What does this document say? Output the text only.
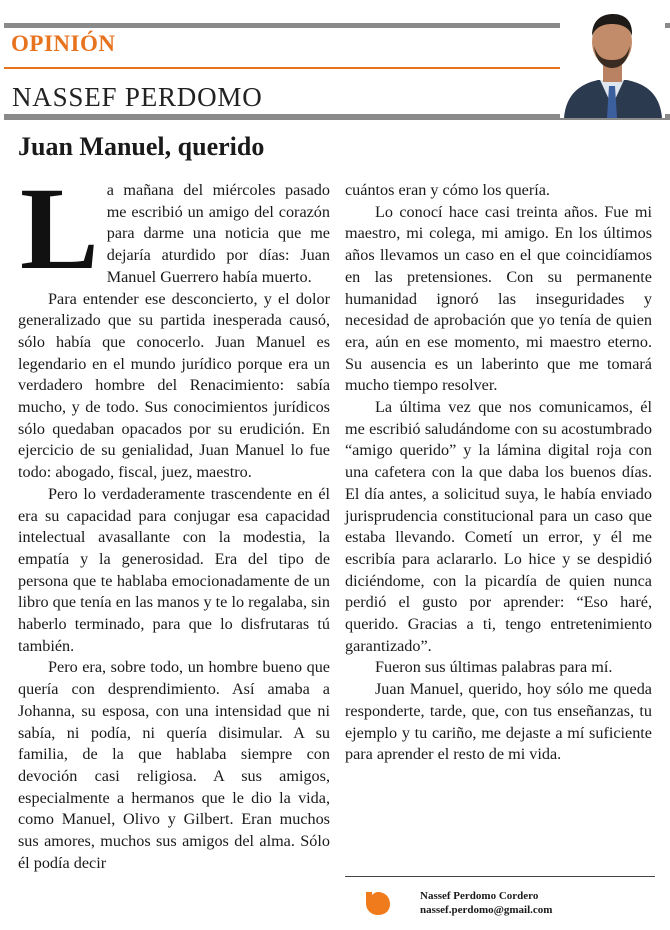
OPINIÓN
NASSEF PERDOMO
Juan Manuel, querido

La mañana del miércoles pasado me escribió un amigo del corazón para darme una noticia que me dejaría aturdido por días: Juan Manuel Guerrero había muerto.

Para entender ese desconcierto, y el dolor generalizado que su partida inesperada causó, sólo había que conocerlo. Juan Manuel es legendario en el mundo jurídico porque era un verdadero hombre del Renacimiento: sabía mucho, y de todo. Sus conocimientos jurídicos sólo quedaban opacados por su erudición. En ejercicio de su genialidad, Juan Manuel lo fue todo: abogado, fiscal, juez, maestro.

Pero lo verdaderamente trascendente en él era su capacidad para conjugar esa capacidad intelectual avasallante con la modestia, la empatía y la generosidad. Era del tipo de persona que te hablaba emocionadamente de un libro que tenía en las manos y te lo regalaba, sin haberlo terminado, para que lo disfrutaras tú también.

Pero era, sobre todo, un hombre bueno que quería con desprendimiento. Así amaba a Johanna, su esposa, con una intensidad que ni sabía, ni podía, ni quería disimular. A su familia, de la que hablaba siempre con devoción casi religiosa. A sus amigos, especialmente a hermanos que le dio la vida, como Manuel, Olivo y Gilbert. Eran muchos sus amores, muchos sus amigos del alma. Sólo él podía decir

cuántos eran y cómo los quería.

Lo conocí hace casi treinta años. Fue mi maestro, mi colega, mi amigo. En los últimos años llevamos un caso en el que coincidíamos en las pretensiones. Con su permanente humanidad ignoró las inseguridades y necesidad de aprobación que yo tenía de quien era, aún en ese momento, mi maestro eterno. Su ausencia es un laberinto que me tomará mucho tiempo resolver.

La última vez que nos comunicamos, él me escribió saludándome con su acostumbrado “amigo querido” y la lámina digital roja con una cafetera con la que daba los buenos días. El día antes, a solicitud suya, le había enviado jurisprudencia constitucional para un caso que estaba llevando. Cometí un error, y él me escribía para aclararlo. Lo hice y se despidió diciéndome, con la picardía de quien nunca perdió el gusto por aprender: “Eso haré, querido. Gracias a ti, tengo entretenimiento garantizado”.

Fueron sus últimas palabras para mí.

Juan Manuel, querido, hoy sólo me queda responderte, tarde, que, con tus enseñanzas, tu ejemplo y tu cariño, me dejaste a mí suficiente para aprender el resto de mi vida.

Nassef Perdomo Cordero
nassef.perdomo@gmail.com
